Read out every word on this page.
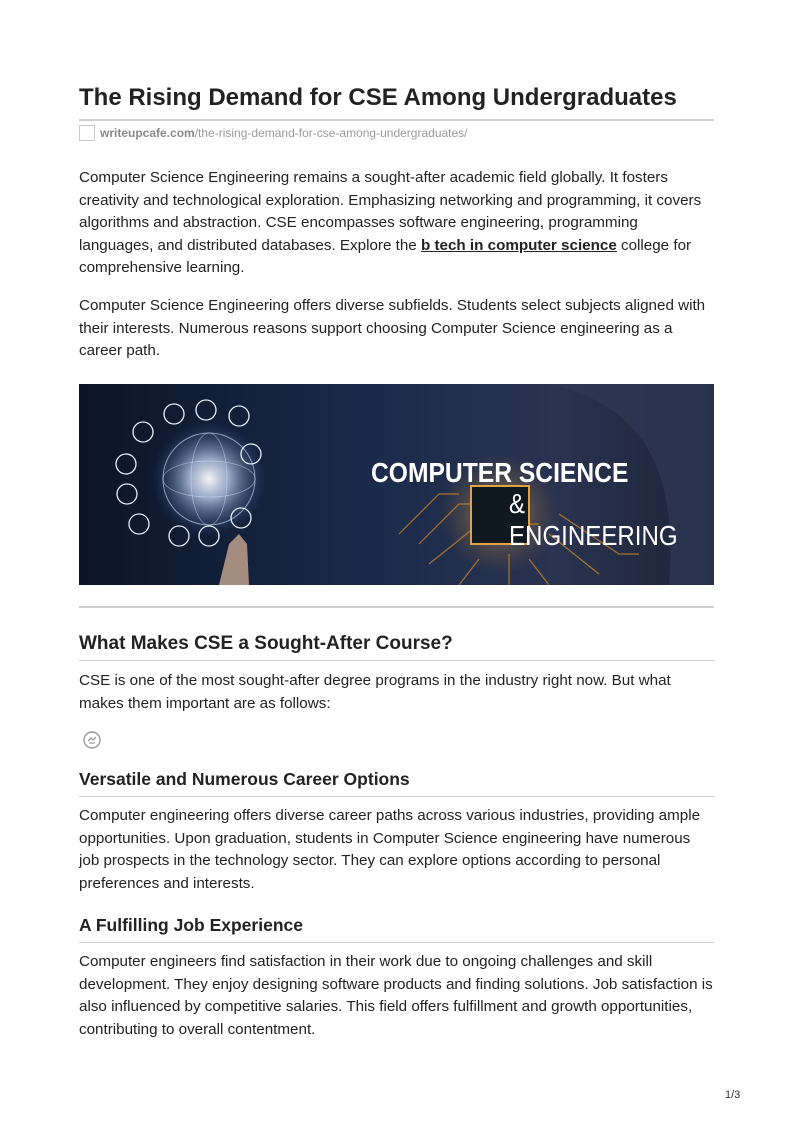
The Rising Demand for CSE Among Undergraduates
writeupcafe.com/the-rising-demand-for-cse-among-undergraduates/

Computer Science Engineering remains a sought-after academic field globally. It fosters creativity and technological exploration. Emphasizing networking and programming, it covers algorithms and abstraction. CSE encompasses software engineering, programming languages, and distributed databases. Explore the b tech in computer science college for comprehensive learning.

Computer Science Engineering offers diverse subfields. Students select subjects aligned with their interests. Numerous reasons support choosing Computer Science engineering as a career path.

COMPUTER SCIENCE
& ENGINEERING
What Makes CSE a Sought-After Course?

CSE is one of the most sought-after degree programs in the industry right now. But what makes them important are as follows:

Versatile and Numerous Career Options

Computer engineering offers diverse career paths across various industries, providing ample opportunities. Upon graduation, students in Computer Science engineering have numerous job prospects in the technology sector. They can explore options according to personal preferences and interests.

A Fulfilling Job Experience

Computer engineers find satisfaction in their work due to ongoing challenges and skill development. They enjoy designing software products and finding solutions. Job satisfaction is also influenced by competitive salaries. This field offers fulfillment and growth opportunities, contributing to overall contentment.

1/3
